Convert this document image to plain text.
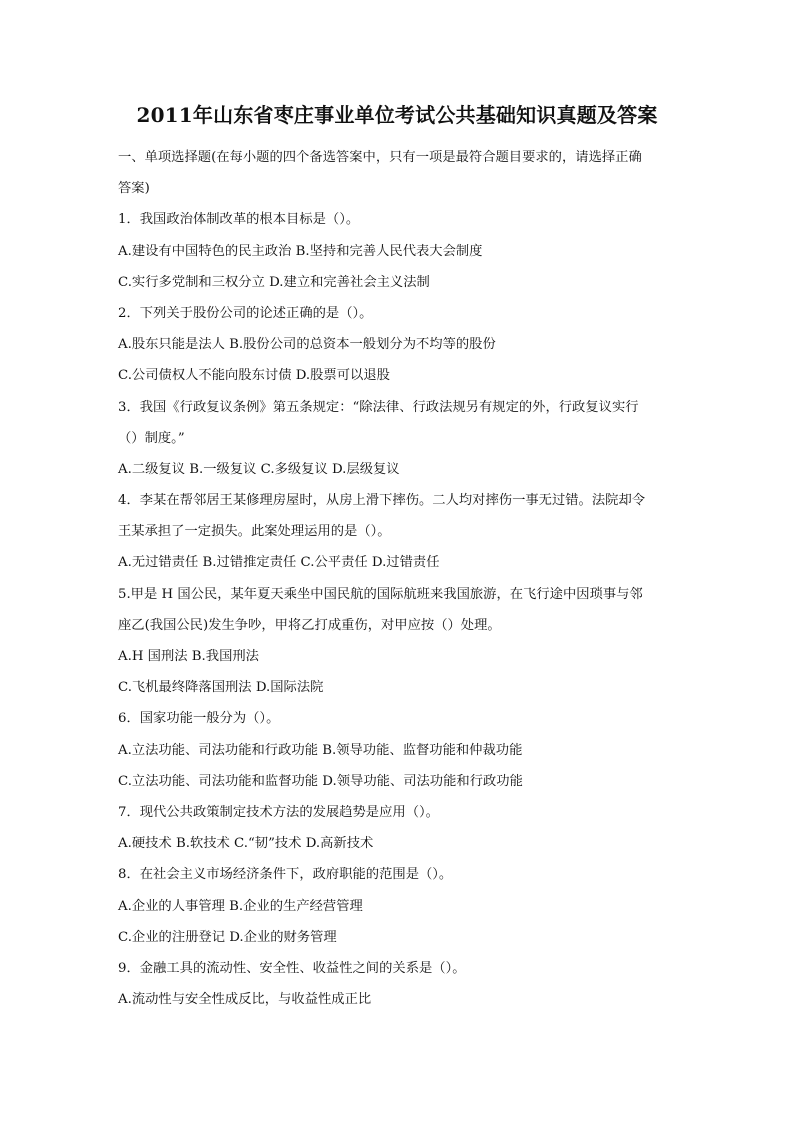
2011年山东省枣庄事业单位考试公共基础知识真题及答案
一、单项选择题(在每小题的四个备选答案中，只有一项是最符合题目要求的，请选择正确
答案)
1．我国政治体制改革的根本目标是（）。
A.建设有中国特色的民主政治 B.坚持和完善人民代表大会制度
C.实行多党制和三权分立 D.建立和完善社会主义法制
2．下列关于股份公司的论述正确的是（）。
A.股东只能是法人 B.股份公司的总资本一般划分为不均等的股份
C.公司债权人不能向股东讨债 D.股票可以退股
3．我国《行政复议条例》第五条规定：“除法律、行政法规另有规定的外，行政复议实行
（）制度。”
A.二级复议 B.一级复议 C.多级复议 D.层级复议
4．李某在帮邻居王某修理房屋时，从房上滑下摔伤。二人均对摔伤一事无过错。法院却令
王某承担了一定损失。此案处理运用的是（）。
A.无过错责任 B.过错推定责任 C.公平责任 D.过错责任
5.甲是 H 国公民，某年夏天乘坐中国民航的国际航班来我国旅游，在飞行途中因琐事与邻
座乙(我国公民)发生争吵，甲将乙打成重伤，对甲应按（）处理。
A.H 国刑法 B.我国刑法
C.飞机最终降落国刑法 D.国际法院
6．国家功能一般分为（）。
A.立法功能、司法功能和行政功能 B.领导功能、监督功能和仲裁功能
C.立法功能、司法功能和监督功能 D.领导功能、司法功能和行政功能
7．现代公共政策制定技术方法的发展趋势是应用（）。
A.硬技术 B.软技术 C.“韧”技术 D.高新技术
8．在社会主义市场经济条件下，政府职能的范围是（）。
A.企业的人事管理 B.企业的生产经营管理
C.企业的注册登记 D.企业的财务管理
9．金融工具的流动性、安全性、收益性之间的关系是（）。
A.流动性与安全性成反比，与收益性成正比
